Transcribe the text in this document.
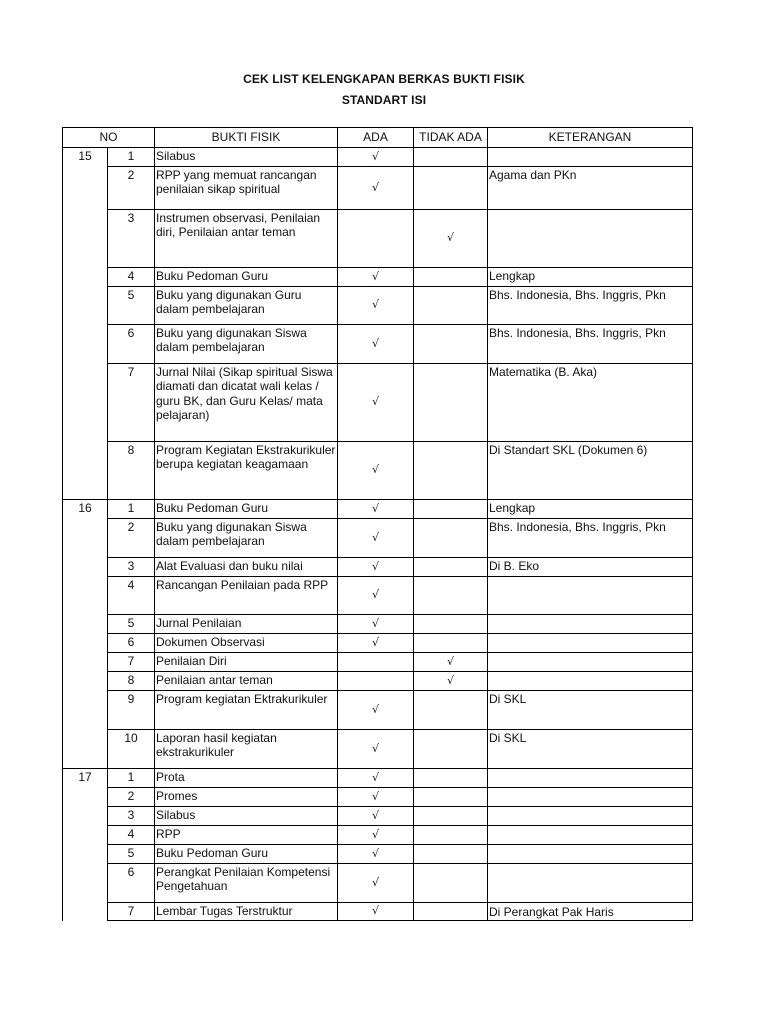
CEK LIST KELENGKAPAN BERKAS BUKTI FISIK
STANDART ISI
NO		BUKTI FISIK	ADA	TIDAK ADA	KETERANGAN
15	1	Silabus	√		
	2	RPP yang memuat rancangan penilaian sikap spiritual	√		Agama dan PKn
	3	Instrumen observasi, Penilaian diri, Penilaian antar teman		√	
	4	Buku Pedoman Guru	√		Lengkap
	5	Buku yang digunakan Guru dalam pembelajaran	√		Bhs. Indonesia, Bhs. Inggris, Pkn
	6	Buku yang digunakan Siswa dalam pembelajaran	√		Bhs. Indonesia, Bhs. Inggris, Pkn
	7	Jurnal Nilai (Sikap spiritual Siswa diamati dan dicatat wali kelas / guru BK, dan Guru Kelas/ mata pelajaran)	√		Matematika (B. Aka)
	8	Program Kegiatan Ekstrakurikuler berupa kegiatan keagamaan	√		Di Standart SKL (Dokumen 6)
16	1	Buku Pedoman Guru	√		Lengkap
	2	Buku yang digunakan Siswa dalam pembelajaran	√		Bhs. Indonesia, Bhs. Inggris, Pkn
	3	Alat Evaluasi dan buku nilai	√		Di B. Eko
	4	Rancangan Penilaian pada RPP	√		
	5	Jurnal Penilaian	√		
	6	Dokumen Observasi	√		
	7	Penilaian Diri		√	
	8	Penilaian antar teman		√	
	9	Program kegiatan Ektrakurikuler	√		Di SKL
	10	Laporan hasil kegiatan ekstrakurikuler	√		Di SKL
17	1	Prota	√		
	2	Promes	√		
	3	Silabus	√		
	4	RPP	√		
	5	Buku Pedoman Guru	√		
	6	Perangkat Penilaian Kompetensi Pengetahuan	√		
	7	Lembar Tugas Terstruktur	√		Di Perangkat Pak Haris
